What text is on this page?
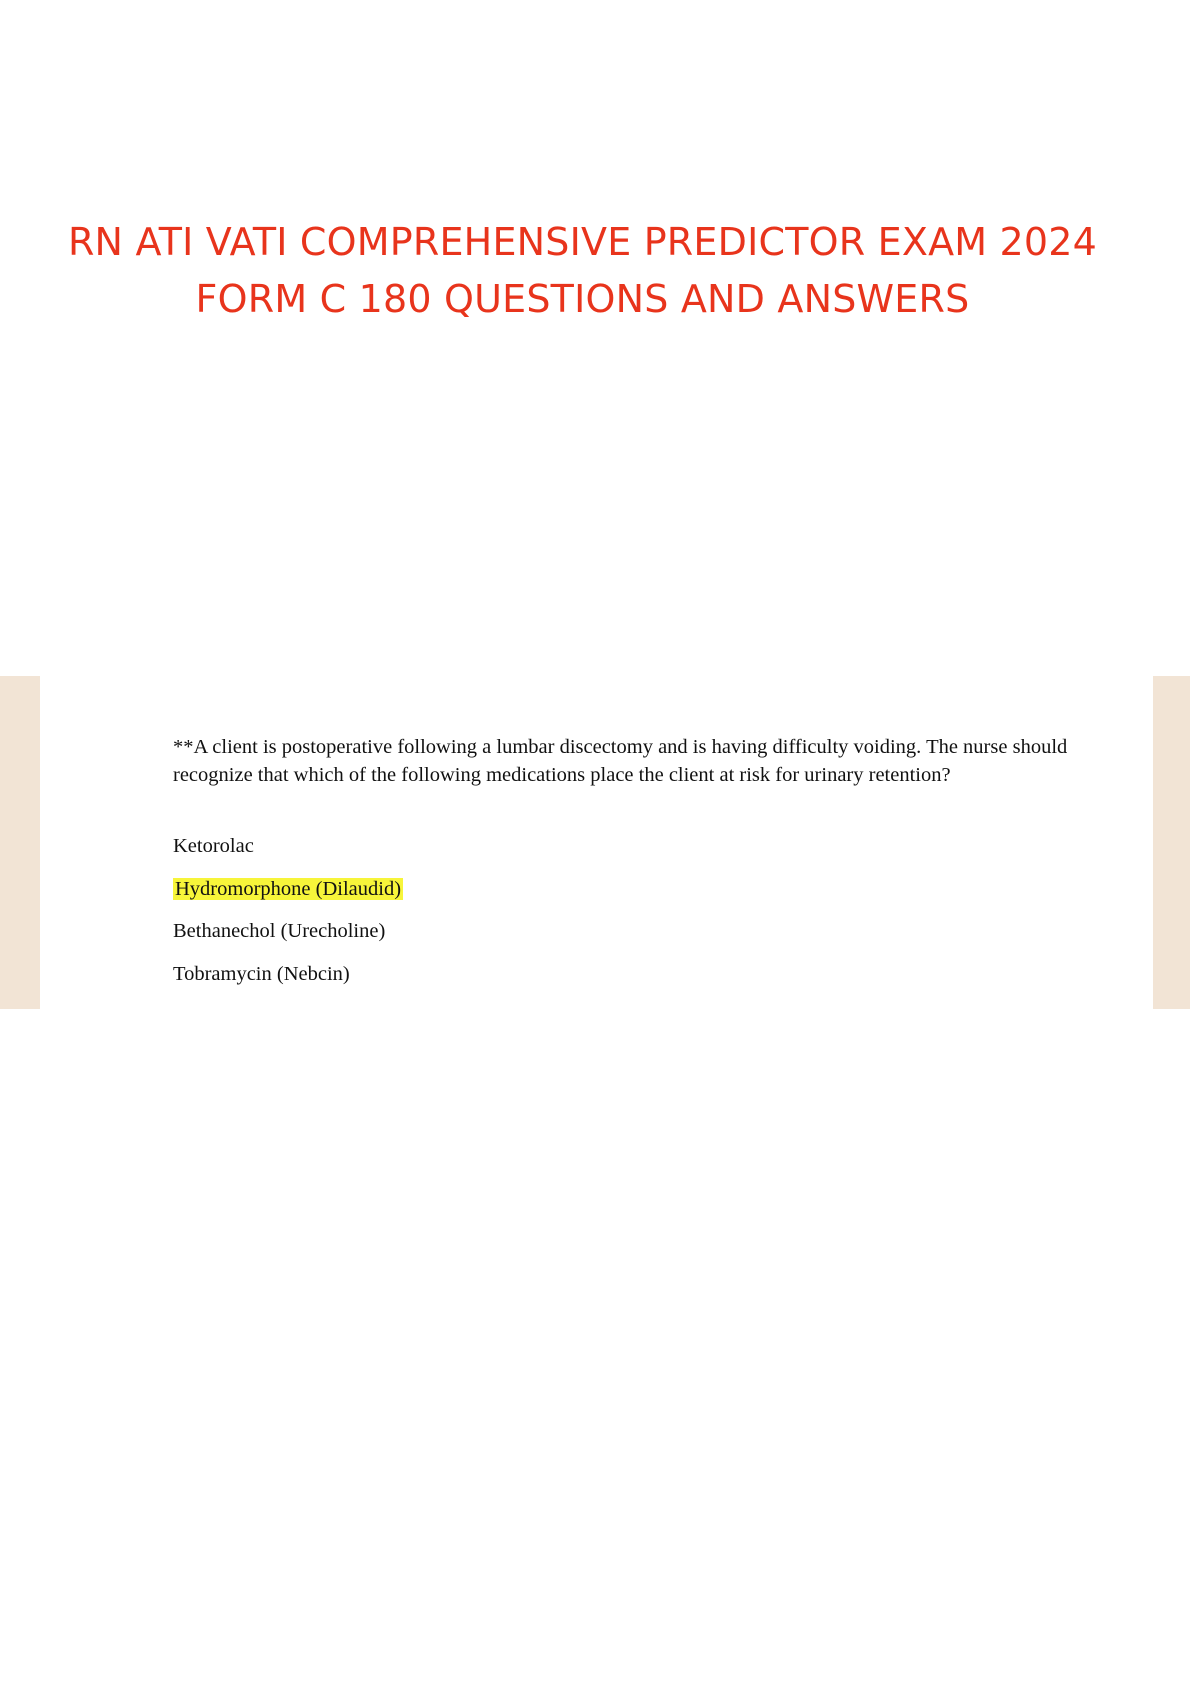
RN ATI VATI COMPREHENSIVE PREDICTOR EXAM 2024
FORM C 180 QUESTIONS AND ANSWERS

**A client is postoperative following a lumbar discectomy and is having difficulty voiding. The nurse should recognize that which of the following medications place the client at risk for urinary retention?

Ketorolac

Hydromorphone (Dilaudid)

Bethanechol (Urecholine)

Tobramycin (Nebcin)
